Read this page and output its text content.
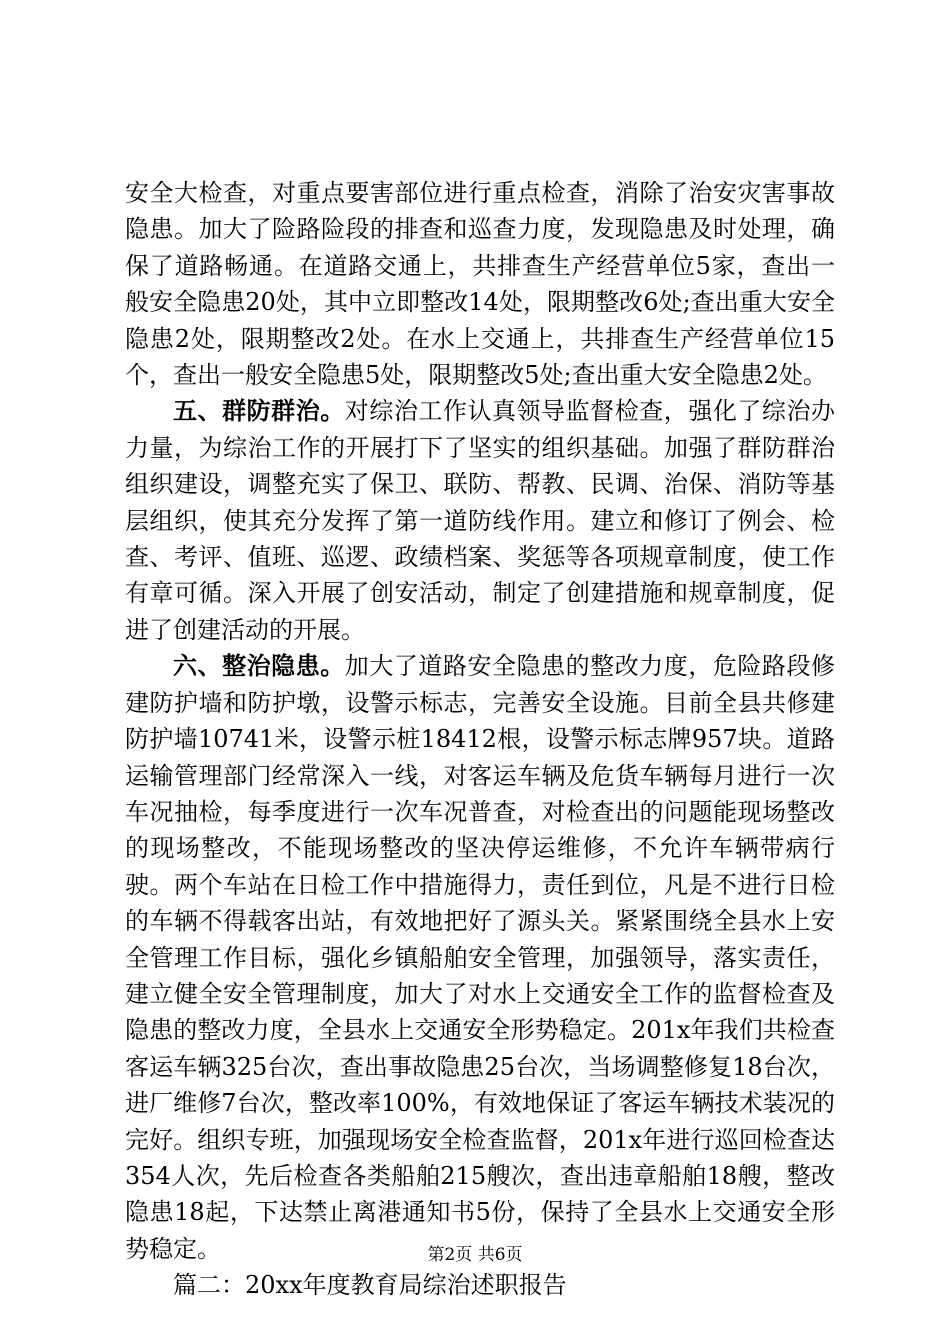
安全大检查，对重点要害部位进行重点检查，消除了治安灾害事故隐患。加大了险路险段的排查和巡查力度，发现隐患及时处理，确保了道路畅通。在道路交通上，共排查生产经营单位5家，查出一般安全隐患20处，其中立即整改14处，限期整改6处;查出重大安全隐患2处，限期整改2处。在水上交通上，共排查生产经营单位15个，查出一般安全隐患5处，限期整改5处;查出重大安全隐患2处。

五、群防群治。对综治工作认真领导监督检查，强化了综治办力量，为综治工作的开展打下了坚实的组织基础。加强了群防群治组织建设，调整充实了保卫、联防、帮教、民调、治保、消防等基层组织，使其充分发挥了第一道防线作用。建立和修订了例会、检查、考评、值班、巡逻、政绩档案、奖惩等各项规章制度，使工作有章可循。深入开展了创安活动，制定了创建措施和规章制度，促进了创建活动的开展。

六、整治隐患。加大了道路安全隐患的整改力度，危险路段修建防护墙和防护墩，设警示标志，完善安全设施。目前全县共修建防护墙10741米，设警示桩18412根，设警示标志牌957块。道路运输管理部门经常深入一线，对客运车辆及危货车辆每月进行一次车况抽检，每季度进行一次车况普查，对检查出的问题能现场整改的现场整改，不能现场整改的坚决停运维修，不允许车辆带病行驶。两个车站在日检工作中措施得力，责任到位，凡是不进行日检的车辆不得载客出站，有效地把好了源头关。紧紧围绕全县水上安全管理工作目标，强化乡镇船舶安全管理，加强领导，落实责任，建立健全安全管理制度，加大了对水上交通安全工作的监督检查及隐患的整改力度，全县水上交通安全形势稳定。201x年我们共检查客运车辆325台次，查出事故隐患25台次，当场调整修复18台次，进厂维修7台次，整改率100%，有效地保证了客运车辆技术装况的完好。组织专班，加强现场安全检查监督，201x年进行巡回检查达354人次，先后检查各类船舶215艘次，查出违章船舶18艘，整改隐患18起，下达禁止离港通知书5份，保持了全县水上交通安全形势稳定。

篇二：20xx年度教育局综治述职报告

第2页 共6页
